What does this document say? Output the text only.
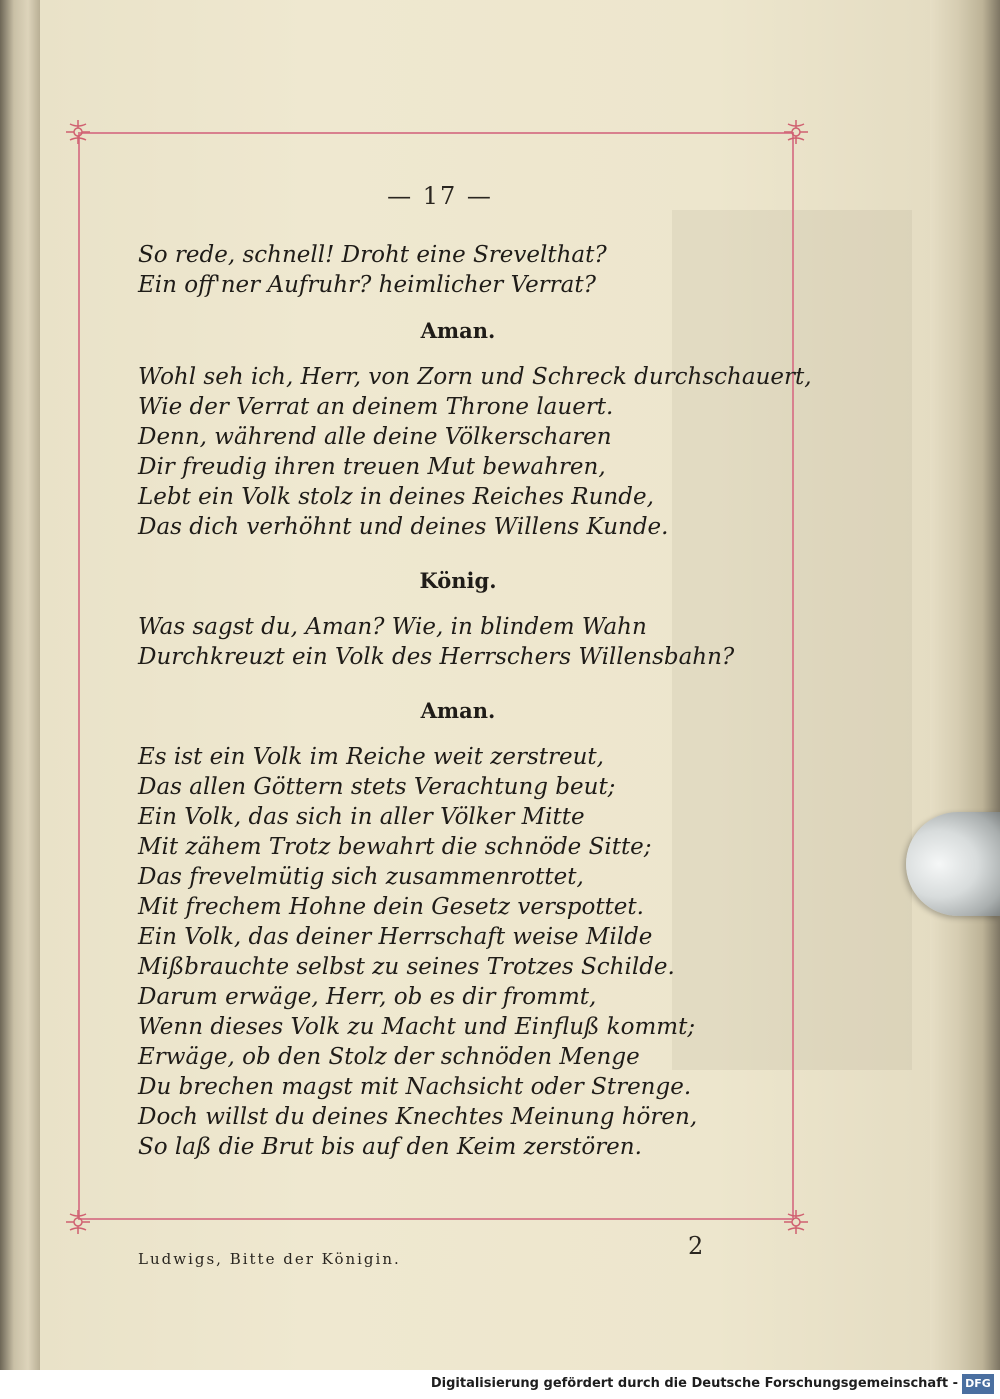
— 17 —
So rede, schnell! Droht eine Srevelthat?
Ein off'ner Aufruhr? heimlicher Verrat?
Aman.
Wohl seh ich, Herr, von Zorn und Schreck durchschauert,
Wie der Verrat an deinem Throne lauert.
Denn, während alle deine Völkerscharen
Dir freudig ihren treuen Mut bewahren,
Lebt ein Volk stolz in deines Reiches Runde,
Das dich verhöhnt und deines Willens Kunde.
König.
Was sagst du, Aman? Wie, in blindem Wahn
Durchkreuzt ein Volk des Herrschers Willensbahn?
Aman.
Es ist ein Volk im Reiche weit zerstreut,
Das allen Göttern stets Verachtung beut;
Ein Volk, das sich in aller Völker Mitte
Mit zähem Trotz bewahrt die schnöde Sitte;
Das frevelmütig sich zusammenrottet,
Mit frechem Hohne dein Gesetz verspottet.
Ein Volk, das deiner Herrschaft weise Milde
Mißbrauchte selbst zu seines Trotzes Schilde.
Darum erwäge, Herr, ob es dir frommt,
Wenn dieses Volk zu Macht und Einfluß kommt;
Erwäge, ob den Stolz der schnöden Menge
Du brechen magst mit Nachsicht oder Strenge.
Doch willst du deines Knechtes Meinung hören,
So laß die Brut bis auf den Keim zerstören.
Ludwigs, Bitte der Königin.	2
Digitalisierung gefördert durch die Deutsche Forschungsgemeinschaft - DFG
